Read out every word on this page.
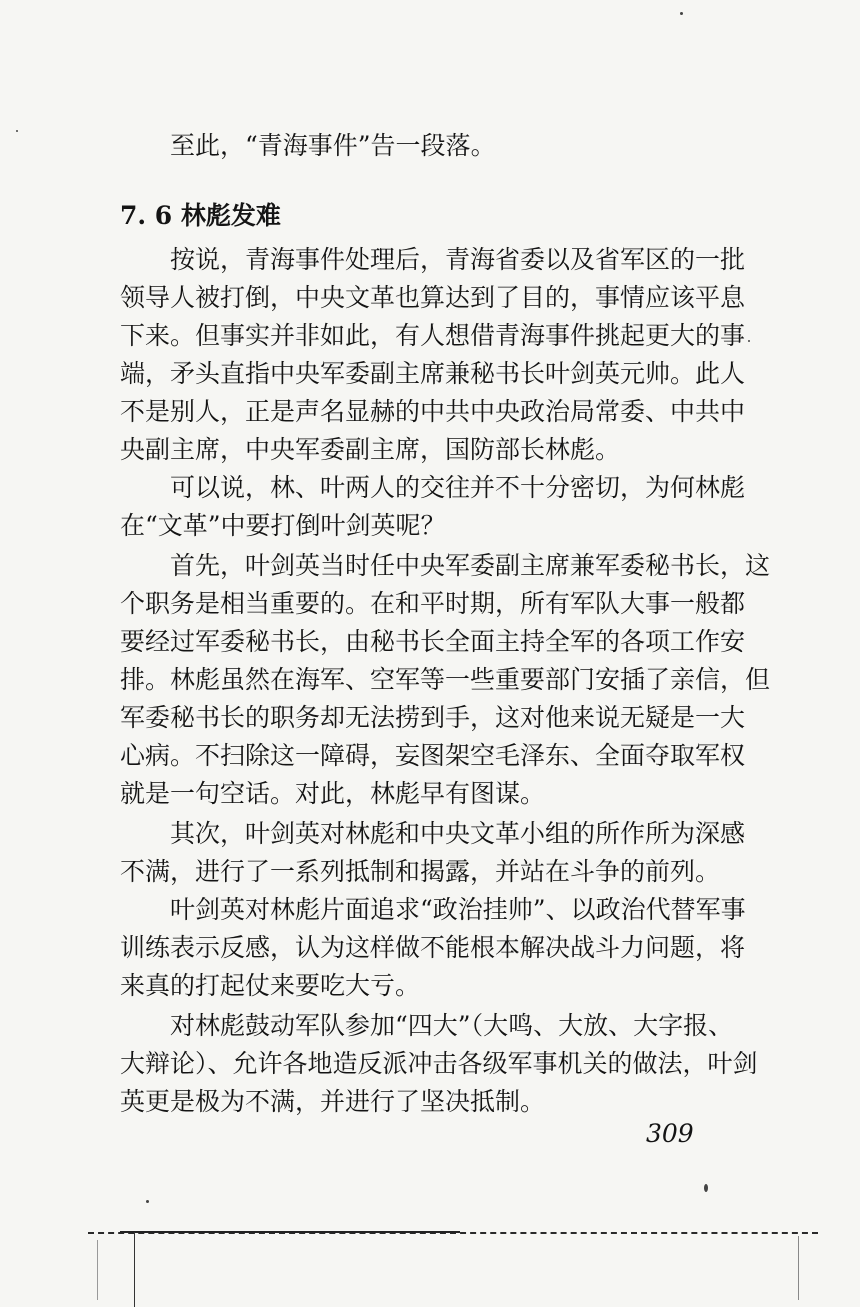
至此，“青海事件”告一段落。

7. 6 林彪发难

按说，青海事件处理后，青海省委以及省军区的一批

领导人被打倒，中央文革也算达到了目的，事情应该平息

下来。但事实并非如此，有人想借青海事件挑起更大的事

端，矛头直指中央军委副主席兼秘书长叶剑英元帅。此人

不是别人，正是声名显赫的中共中央政治局常委、中共中

央副主席，中央军委副主席，国防部长林彪。

可以说，林、叶两人的交往并不十分密切，为何林彪

在“文革”中要打倒叶剑英呢？

首先，叶剑英当时任中央军委副主席兼军委秘书长，这

个职务是相当重要的。在和平时期，所有军队大事一般都

要经过军委秘书长，由秘书长全面主持全军的各项工作安

排。林彪虽然在海军、空军等一些重要部门安插了亲信，但

军委秘书长的职务却无法捞到手，这对他来说无疑是一大

心病。不扫除这一障碍，妄图架空毛泽东、全面夺取军权

就是一句空话。对此，林彪早有图谋。

其次，叶剑英对林彪和中央文革小组的所作所为深感

不满，进行了一系列抵制和揭露，并站在斗争的前列。

叶剑英对林彪片面追求“政治挂帅”、以政治代替军事

训练表示反感，认为这样做不能根本解决战斗力问题，将

来真的打起仗来要吃大亏。

对林彪鼓动军队参加“四大”（大鸣、大放、大字报、

大辩论）、允许各地造反派冲击各级军事机关的做法，叶剑

英更是极为不满，并进行了坚决抵制。

309
